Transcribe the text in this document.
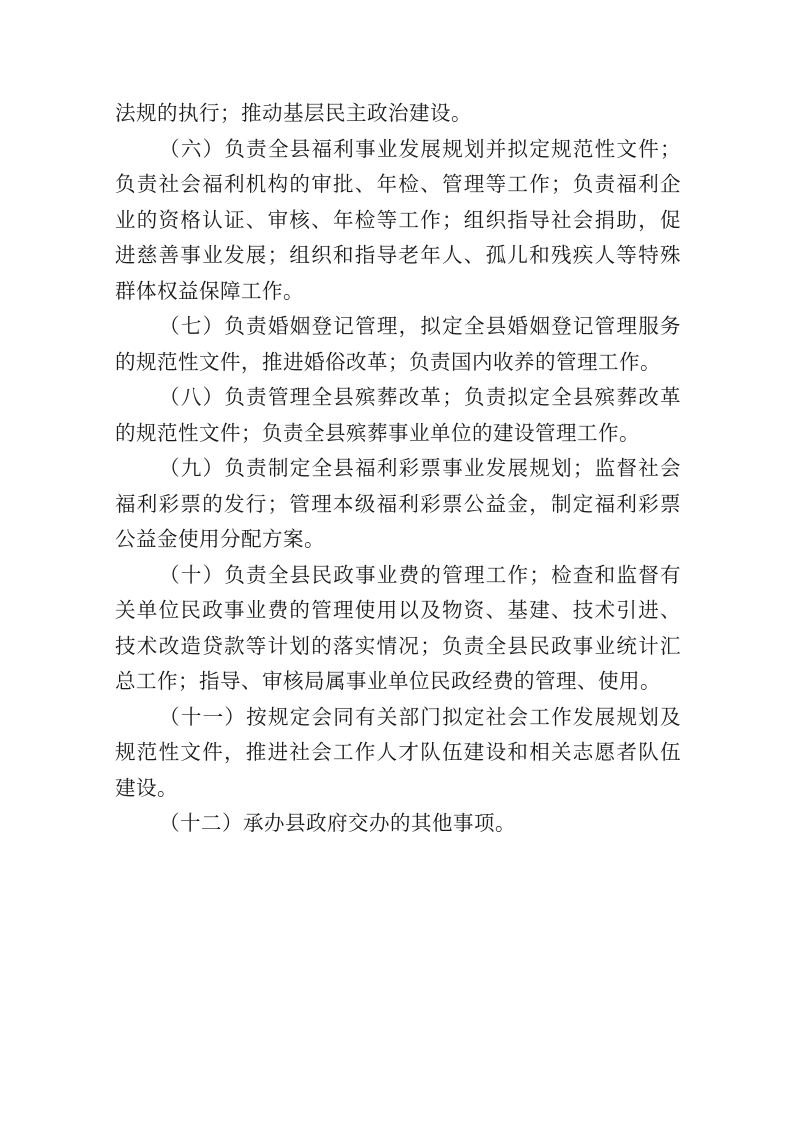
法规的执行；推动基层民主政治建设。

（六）负责全县福利事业发展规划并拟定规范性文件；负责社会福利机构的审批、年检、管理等工作；负责福利企业的资格认证、审核、年检等工作；组织指导社会捐助，促进慈善事业发展；组织和指导老年人、孤儿和残疾人等特殊群体权益保障工作。

（七）负责婚姻登记管理，拟定全县婚姻登记管理服务的规范性文件，推进婚俗改革；负责国内收养的管理工作。

（八）负责管理全县殡葬改革；负责拟定全县殡葬改革的规范性文件；负责全县殡葬事业单位的建设管理工作。

（九）负责制定全县福利彩票事业发展规划；监督社会福利彩票的发行；管理本级福利彩票公益金，制定福利彩票公益金使用分配方案。

（十）负责全县民政事业费的管理工作；检查和监督有关单位民政事业费的管理使用以及物资、基建、技术引进、技术改造贷款等计划的落实情况；负责全县民政事业统计汇总工作；指导、审核局属事业单位民政经费的管理、使用。

（十一）按规定会同有关部门拟定社会工作发展规划及规范性文件，推进社会工作人才队伍建设和相关志愿者队伍建设。

（十二）承办县政府交办的其他事项。
